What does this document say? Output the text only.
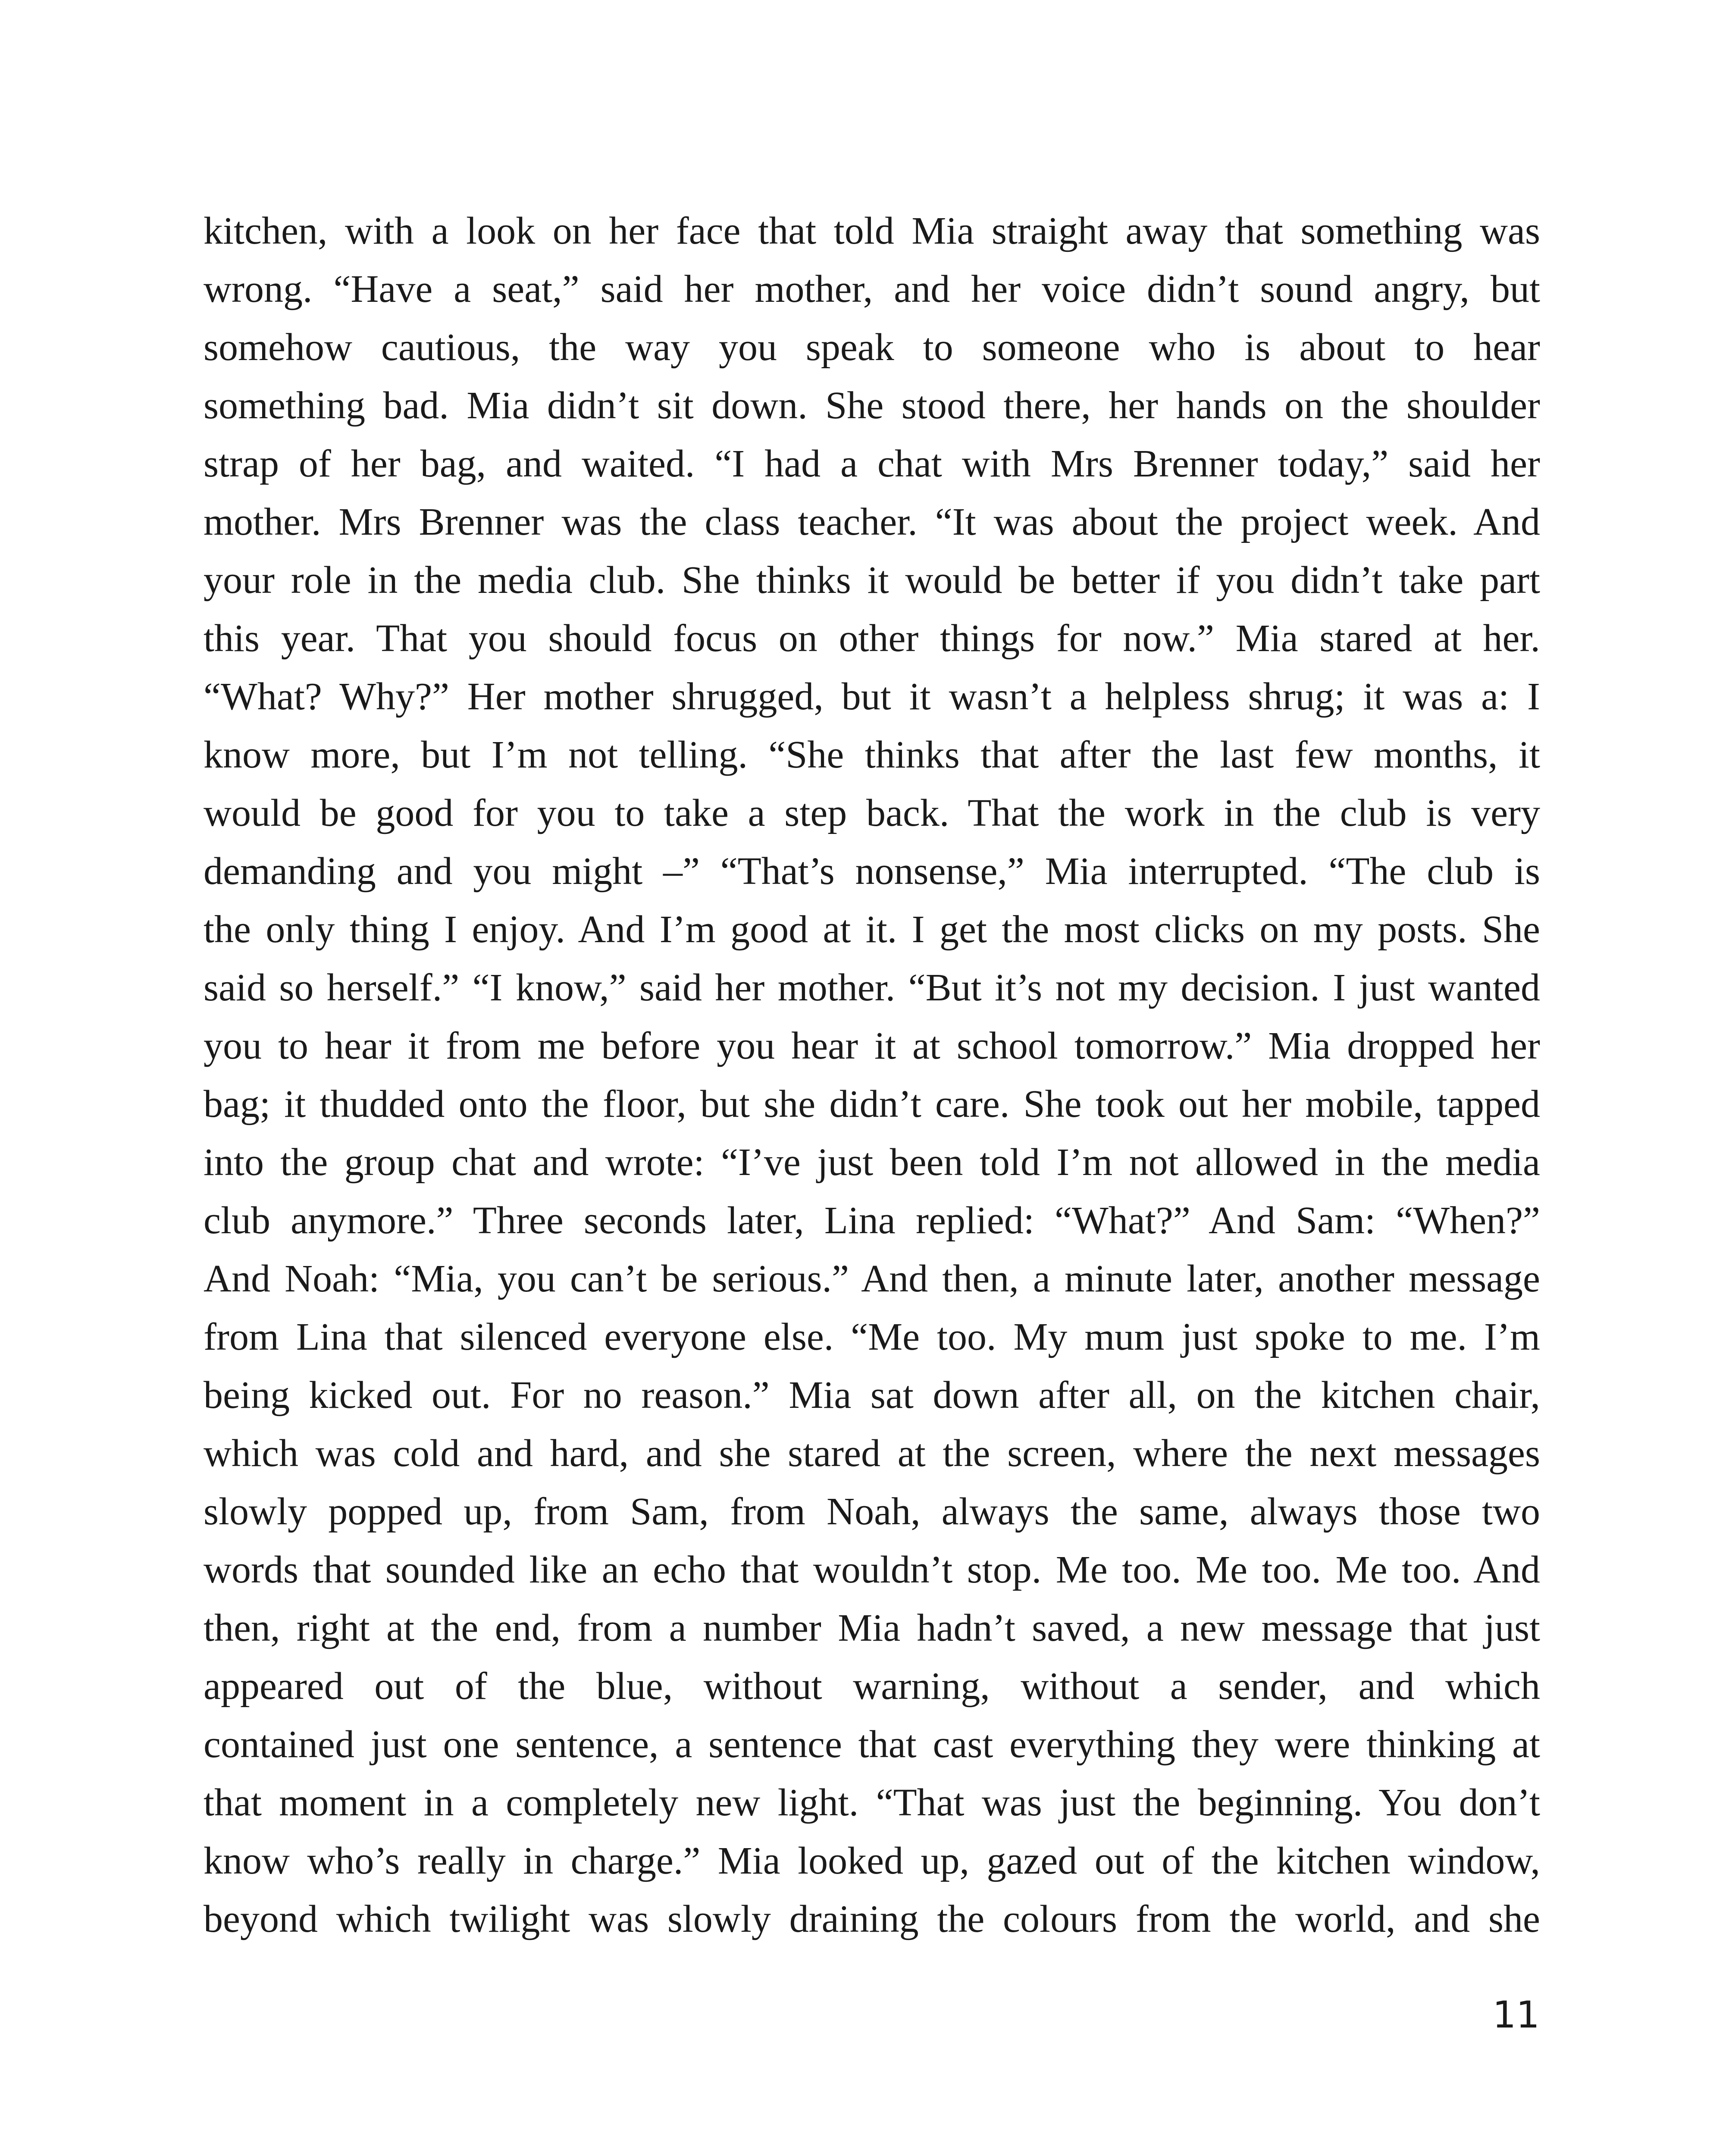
kitchen, with a look on her face that told Mia straight away that something was
wrong. “Have a seat,” said her mother, and her voice didn’t sound angry, but
somehow cautious, the way you speak to someone who is about to hear
something bad. Mia didn’t sit down. She stood there, her hands on the shoulder
strap of her bag, and waited. “I had a chat with Mrs Brenner today,” said her
mother. Mrs Brenner was the class teacher. “It was about the project week. And
your role in the media club. She thinks it would be better if you didn’t take part
this year. That you should focus on other things for now.” Mia stared at her.
“What? Why?” Her mother shrugged, but it wasn’t a helpless shrug; it was a: I
know more, but I’m not telling. “She thinks that after the last few months, it
would be good for you to take a step back. That the work in the club is very
demanding and you might –” “That’s nonsense,” Mia interrupted. “The club is
the only thing I enjoy. And I’m good at it. I get the most clicks on my posts. She
said so herself.” “I know,” said her mother. “But it’s not my decision. I just wanted
you to hear it from me before you hear it at school tomorrow.” Mia dropped her
bag; it thudded onto the floor, but she didn’t care. She took out her mobile, tapped
into the group chat and wrote: “I’ve just been told I’m not allowed in the media
club anymore.” Three seconds later, Lina replied: “What?” And Sam: “When?”
And Noah: “Mia, you can’t be serious.” And then, a minute later, another message
from Lina that silenced everyone else. “Me too. My mum just spoke to me. I’m
being kicked out. For no reason.” Mia sat down after all, on the kitchen chair,
which was cold and hard, and she stared at the screen, where the next messages
slowly popped up, from Sam, from Noah, always the same, always those two
words that sounded like an echo that wouldn’t stop. Me too. Me too. Me too. And
then, right at the end, from a number Mia hadn’t saved, a new message that just
appeared out of the blue, without warning, without a sender, and which
contained just one sentence, a sentence that cast everything they were thinking at
that moment in a completely new light. “That was just the beginning. You don’t
know who’s really in charge.” Mia looked up, gazed out of the kitchen window,
beyond which twilight was slowly draining the colours from the world, and she
11
